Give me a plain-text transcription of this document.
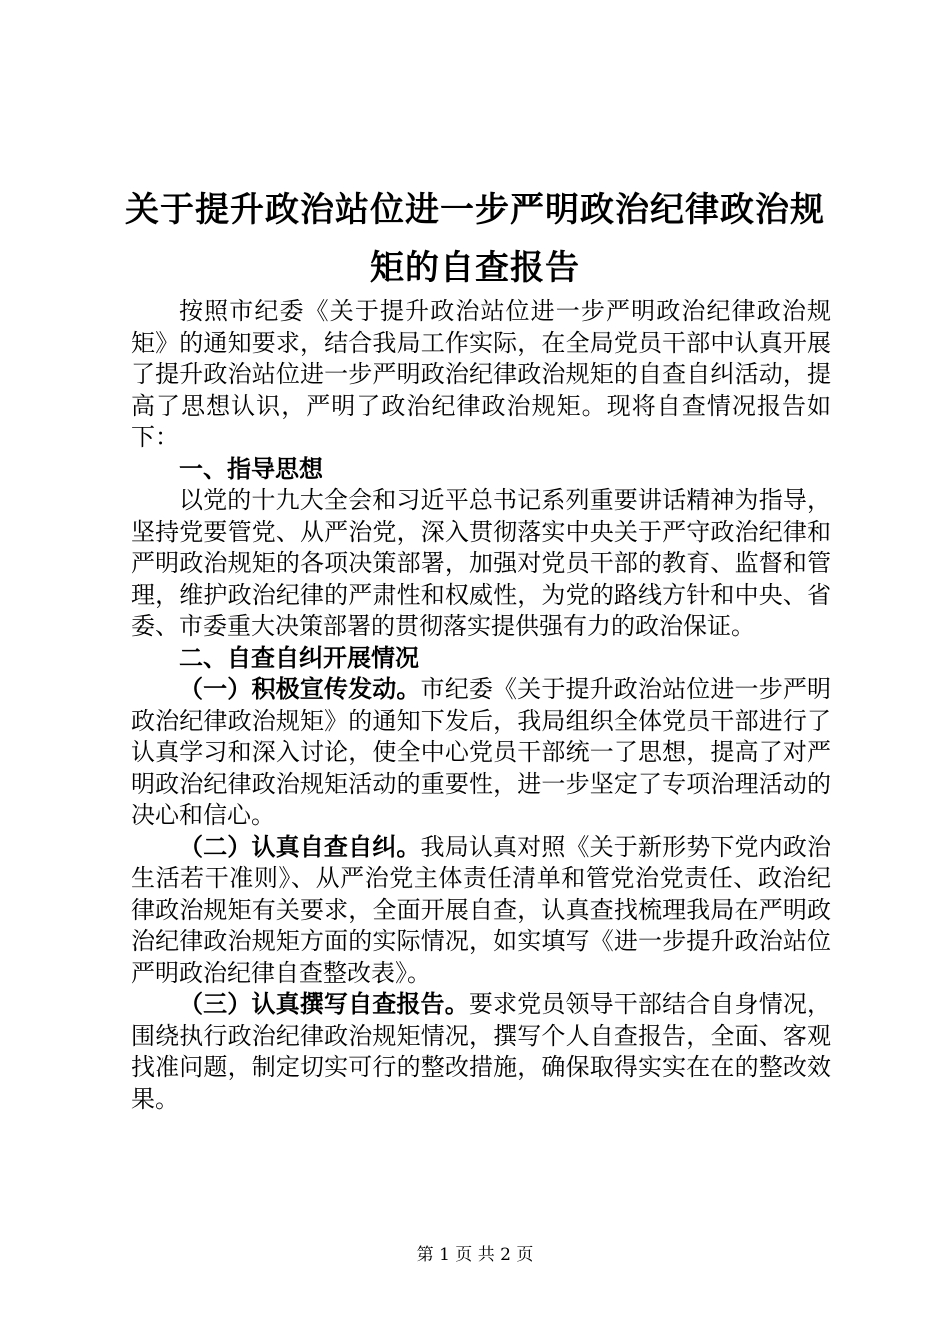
关于提升政治站位进一步严明政治纪律政治规
矩的自查报告

按照市纪委《关于提升政治站位进一步严明政治纪律政治规矩》的通知要求，结合我局工作实际，在全局党员干部中认真开展了提升政治站位进一步严明政治纪律政治规矩的自查自纠活动，提高了思想认识，严明了政治纪律政治规矩。现将自查情况报告如下：

一、指导思想

以党的十九大全会和习近平总书记系列重要讲话精神为指导，坚持党要管党、从严治党，深入贯彻落实中央关于严守政治纪律和严明政治规矩的各项决策部署，加强对党员干部的教育、监督和管理，维护政治纪律的严肃性和权威性，为党的路线方针和中央、省委、市委重大决策部署的贯彻落实提供强有力的政治保证。

二、自查自纠开展情况

（一）积极宣传发动。市纪委《关于提升政治站位进一步严明政治纪律政治规矩》的通知下发后，我局组织全体党员干部进行了认真学习和深入讨论，使全中心党员干部统一了思想，提高了对严明政治纪律政治规矩活动的重要性，进一步坚定了专项治理活动的决心和信心。

（二）认真自查自纠。我局认真对照《关于新形势下党内政治生活若干准则》、从严治党主体责任清单和管党治党责任、政治纪律政治规矩有关要求，全面开展自查，认真查找梳理我局在严明政治纪律政治规矩方面的实际情况，如实填写《进一步提升政治站位严明政治纪律自查整改表》。

（三）认真撰写自查报告。要求党员领导干部结合自身情况，围绕执行政治纪律政治规矩情况，撰写个人自查报告，全面、客观找准问题，制定切实可行的整改措施，确保取得实实在在的整改效果。

第 1 页 共 2 页
